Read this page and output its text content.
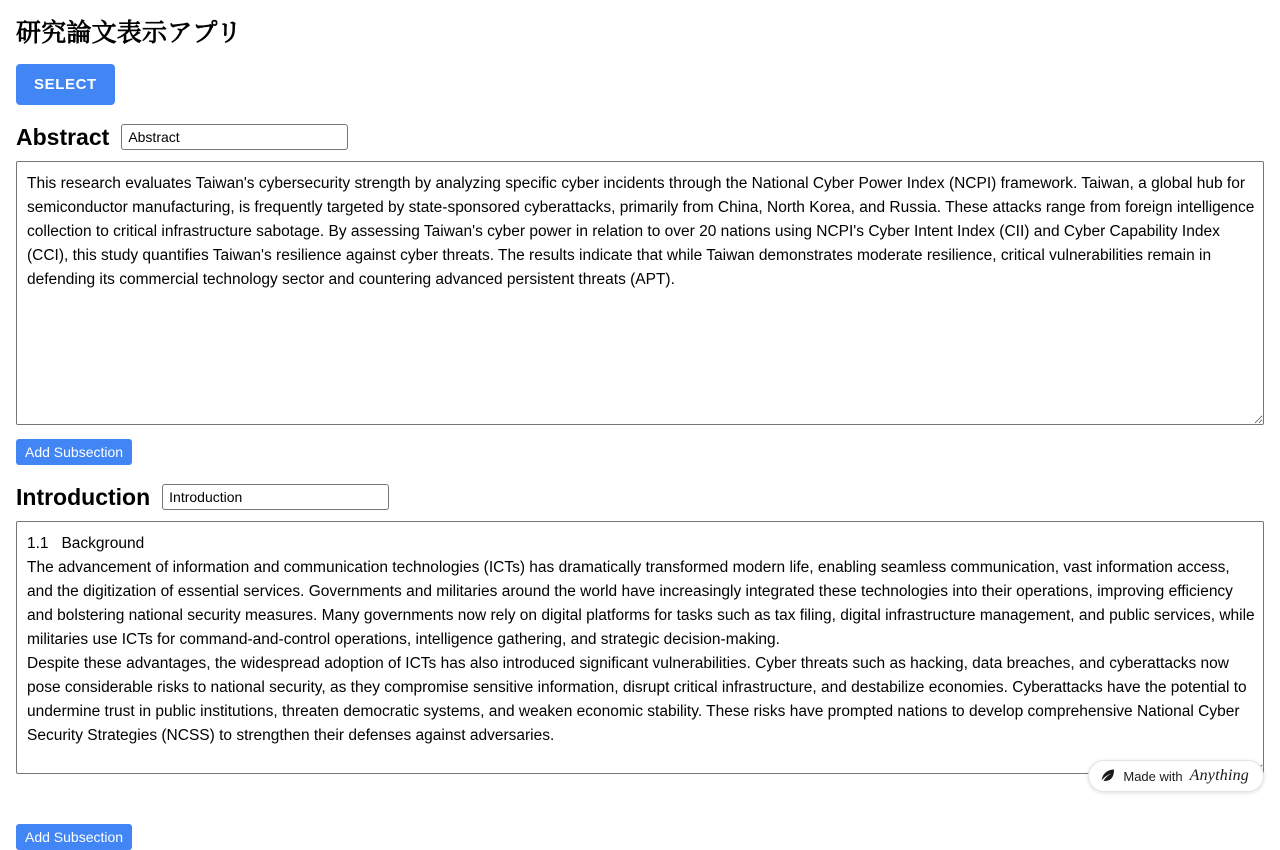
研究論文表示アプリ
SELECT
Abstract
Abstract
This research evaluates Taiwan's cybersecurity strength by analyzing specific cyber incidents through the National Cyber Power Index (NCPI) framework. Taiwan, a global hub for semiconductor manufacturing, is frequently targeted by state-sponsored cyberattacks, primarily from China, North Korea, and Russia. These attacks range from foreign intelligence collection to critical infrastructure sabotage. By assessing Taiwan's cyber power in relation to over 20 nations using NCPI's Cyber Intent Index (CII) and Cyber Capability Index (CCI), this study quantifies Taiwan's resilience against cyber threats. The results indicate that while Taiwan demonstrates moderate resilience, critical vulnerabilities remain in defending its commercial technology sector and countering advanced persistent threats (APT). Add Subsection
Introduction
Introduction
1.1 Background The advancement of information and communication technologies (ICTs) has dramatically transformed modern life, enabling seamless communication, vast information access, and the digitization of essential services. Governments and militaries around the world have increasingly integrated these technologies into their operations, improving efficiency and bolstering national security measures. Many governments now rely on digital platforms for tasks such as tax filing, digital infrastructure management, and public services, while militaries use ICTs for command-and-control operations, intelligence gathering, and strategic decision-making. Despite these advantages, the widespread adoption of ICTs has also introduced significant vulnerabilities. Cyber threats such as hacking, data breaches, and cyberattacks now pose considerable risks to national security, as they compromise sensitive information, disrupt critical infrastructure, and destabilize economies. Cyberattacks have the potential to undermine trust in public institutions, threaten democratic systems, and weaken economic stability. These risks have prompted nations to develop comprehensive National Cyber Security Strategies (NCSS) to strengthen their defenses against adversaries.
Add Subsection
Made with Anything
